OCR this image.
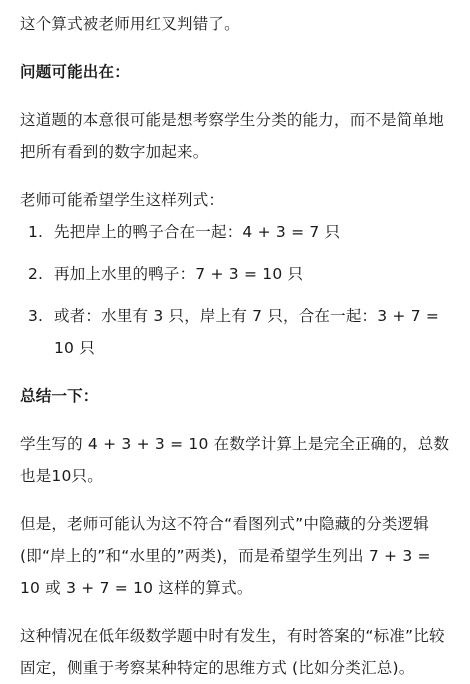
这个算式被老师用红叉判错了。

问题可能出在：

这道题的本意很可能是想考察学生分类的能力，而不是简单地把所有看到的数字加起来。

老师可能希望学生这样列式：

1. 先把岸上的鸭子合在一起：4 + 3 = 7 只
2. 再加上水里的鸭子：7 + 3 = 10 只
3. 或者：水里有 3 只，岸上有 7 只，合在一起：3 + 7 = 10 只

总结一下：

学生写的 4 + 3 + 3 = 10 在数学计算上是完全正确的，总数也是10只。

但是，老师可能认为这不符合“看图列式”中隐藏的分类逻辑 (即“岸上的”和“水里的”两类)，而是希望学生列出 7 + 3 = 10 或 3 + 7 = 10 这样的算式。

这种情况在低年级数学题中时有发生，有时答案的“标准”比较固定，侧重于考察某种特定的思维方式 (比如分类汇总)。
